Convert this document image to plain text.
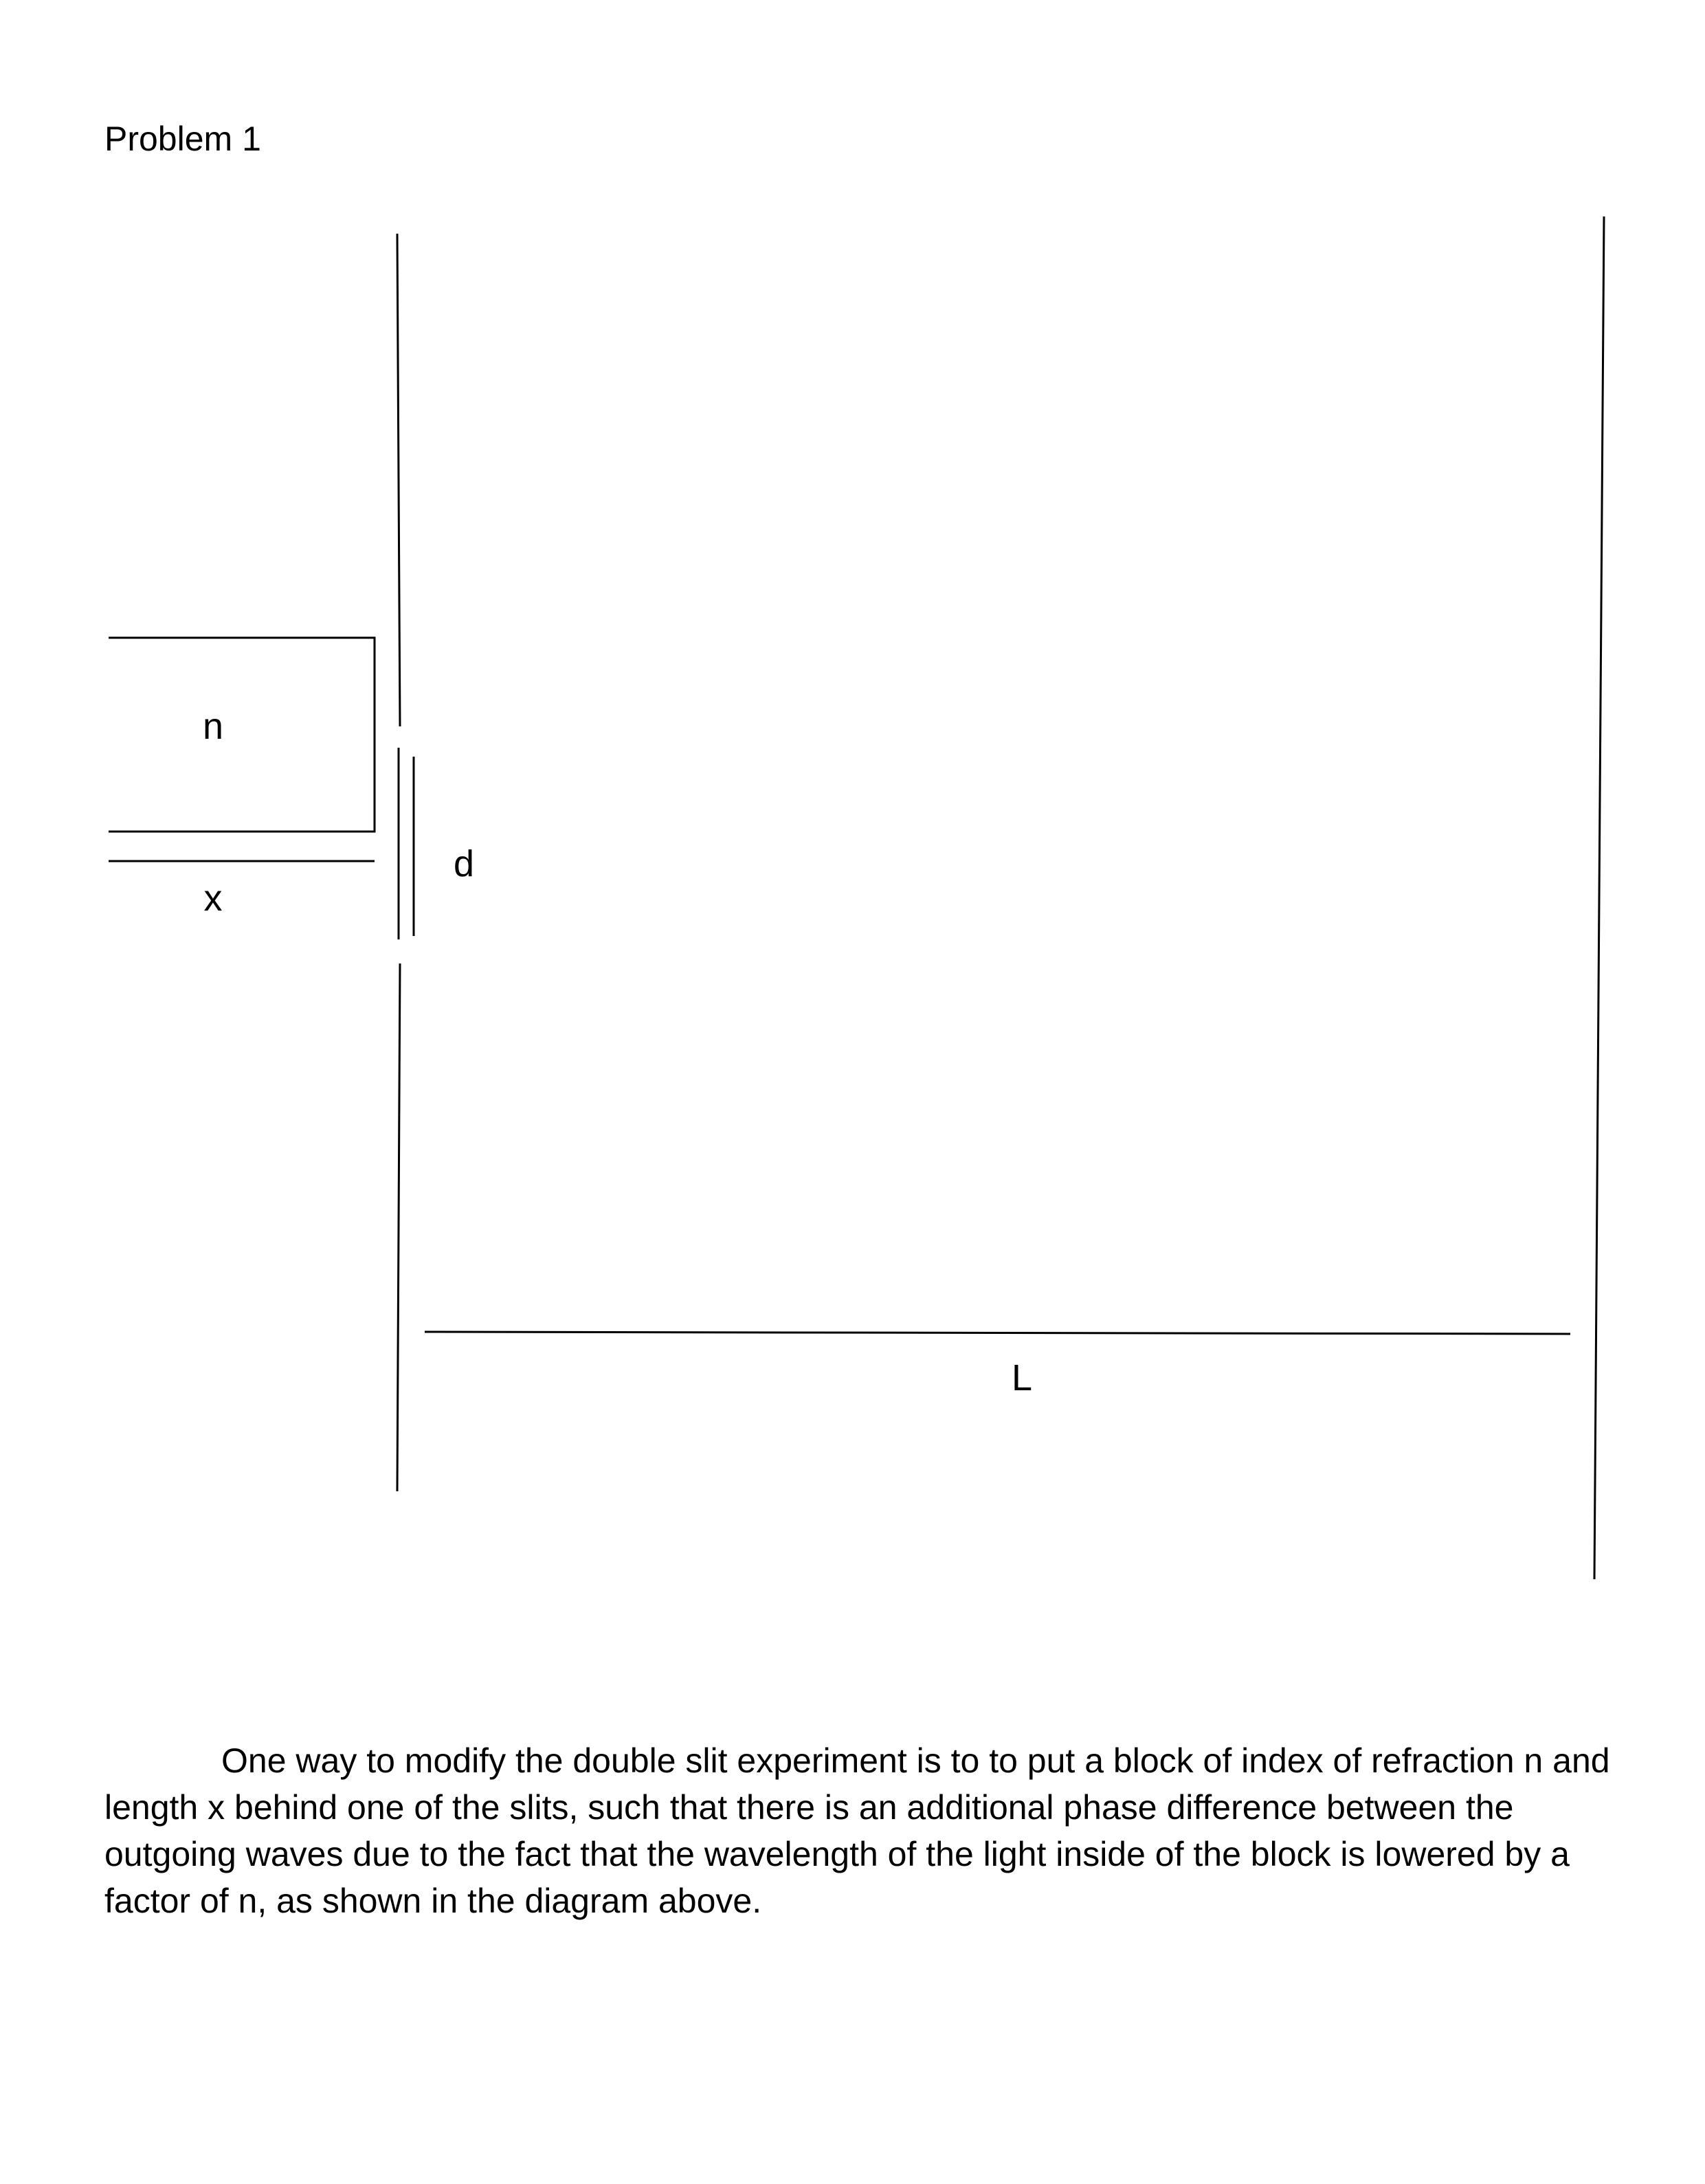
Problem 1
n
x
d
L

One way to modify the double slit experiment is to to put a block of index of refraction n and length x behind one of the slits, such that there is an additional phase difference between the outgoing waves due to the fact that the wavelength of the light inside of the block is lowered by a factor of n, as shown in the diagram above.
